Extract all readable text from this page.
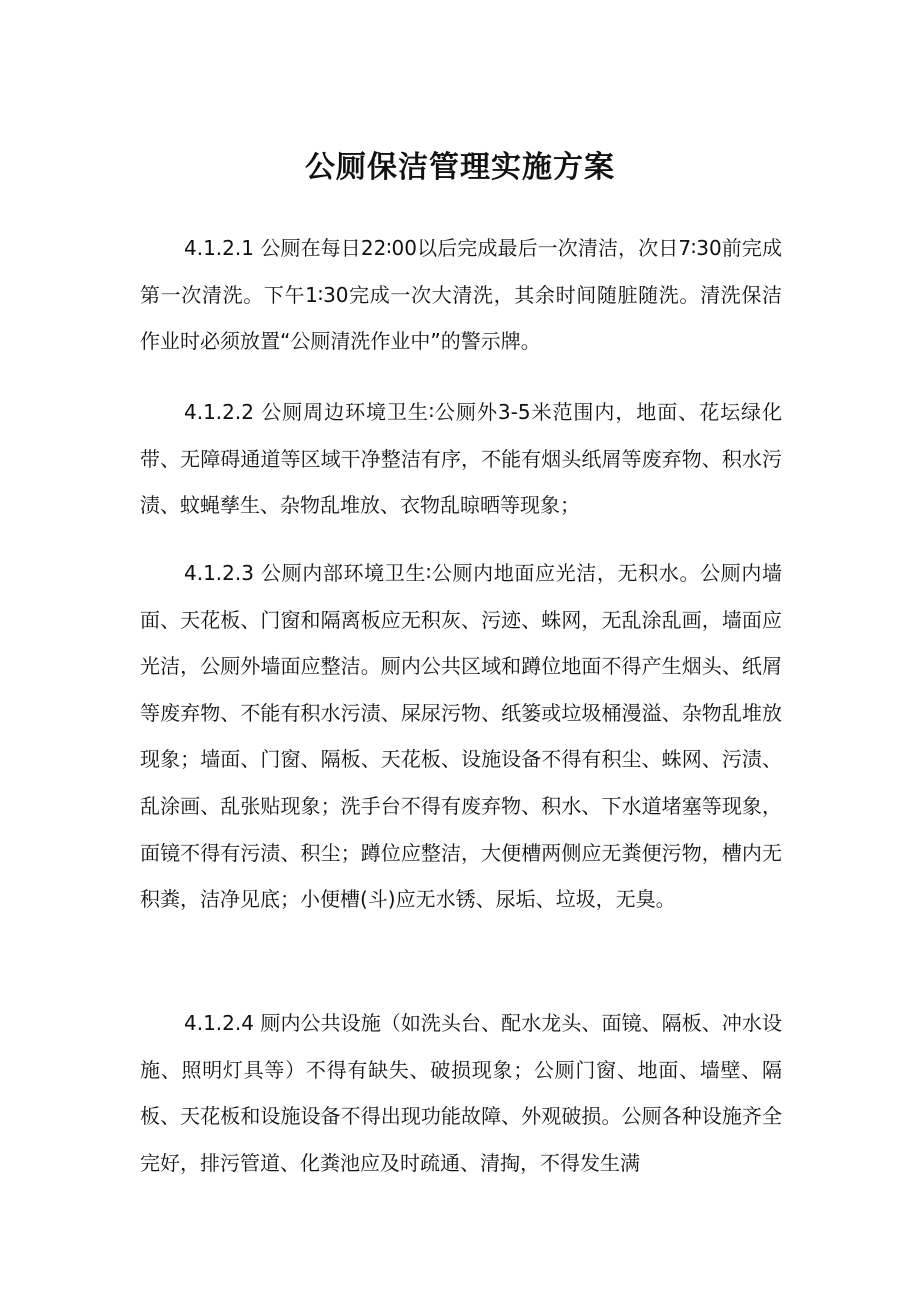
公厕保洁管理实施方案

4.1.2.1 公厕在每日22∶00以后完成最后一次清洁，次日7∶30前完成第一次清洗。下午1∶30完成一次大清洗，其余时间随脏随洗。清洗保洁作业时必须放置“公厕清洗作业中”的警示牌。

4.1.2.2 公厕周边环境卫生∶公厕外3-5米范围内，地面、花坛绿化带、无障碍通道等区域干净整洁有序，不能有烟头纸屑等废弃物、积水污渍、蚊蝇孳生、杂物乱堆放、衣物乱晾晒等现象；

4.1.2.3 公厕内部环境卫生∶公厕内地面应光洁，无积水。公厕内墙面、天花板、门窗和隔离板应无积灰、污迹、蛛网，无乱涂乱画，墙面应光洁，公厕外墙面应整洁。厕内公共区域和蹲位地面不得产生烟头、纸屑等废弃物、不能有积水污渍、屎尿污物、纸篓或垃圾桶漫溢、杂物乱堆放现象；墙面、门窗、隔板、天花板、设施设备不得有积尘、蛛网、污渍、乱涂画、乱张贴现象；洗手台不得有废弃物、积水、下水道堵塞等现象，面镜不得有污渍、积尘；蹲位应整洁，大便槽两侧应无粪便污物，槽内无积粪，洁净见底；小便槽(斗)应无水锈、尿垢、垃圾，无臭。

4.1.2.4 厕内公共设施（如洗头台、配水龙头、面镜、隔板、冲水设施、照明灯具等）不得有缺失、破损现象；公厕门窗、地面、墙壁、隔板、天花板和设施设备不得出现功能故障、外观破损。公厕各种设施齐全完好，排污管道、化粪池应及时疏通、清掏，不得发生满
